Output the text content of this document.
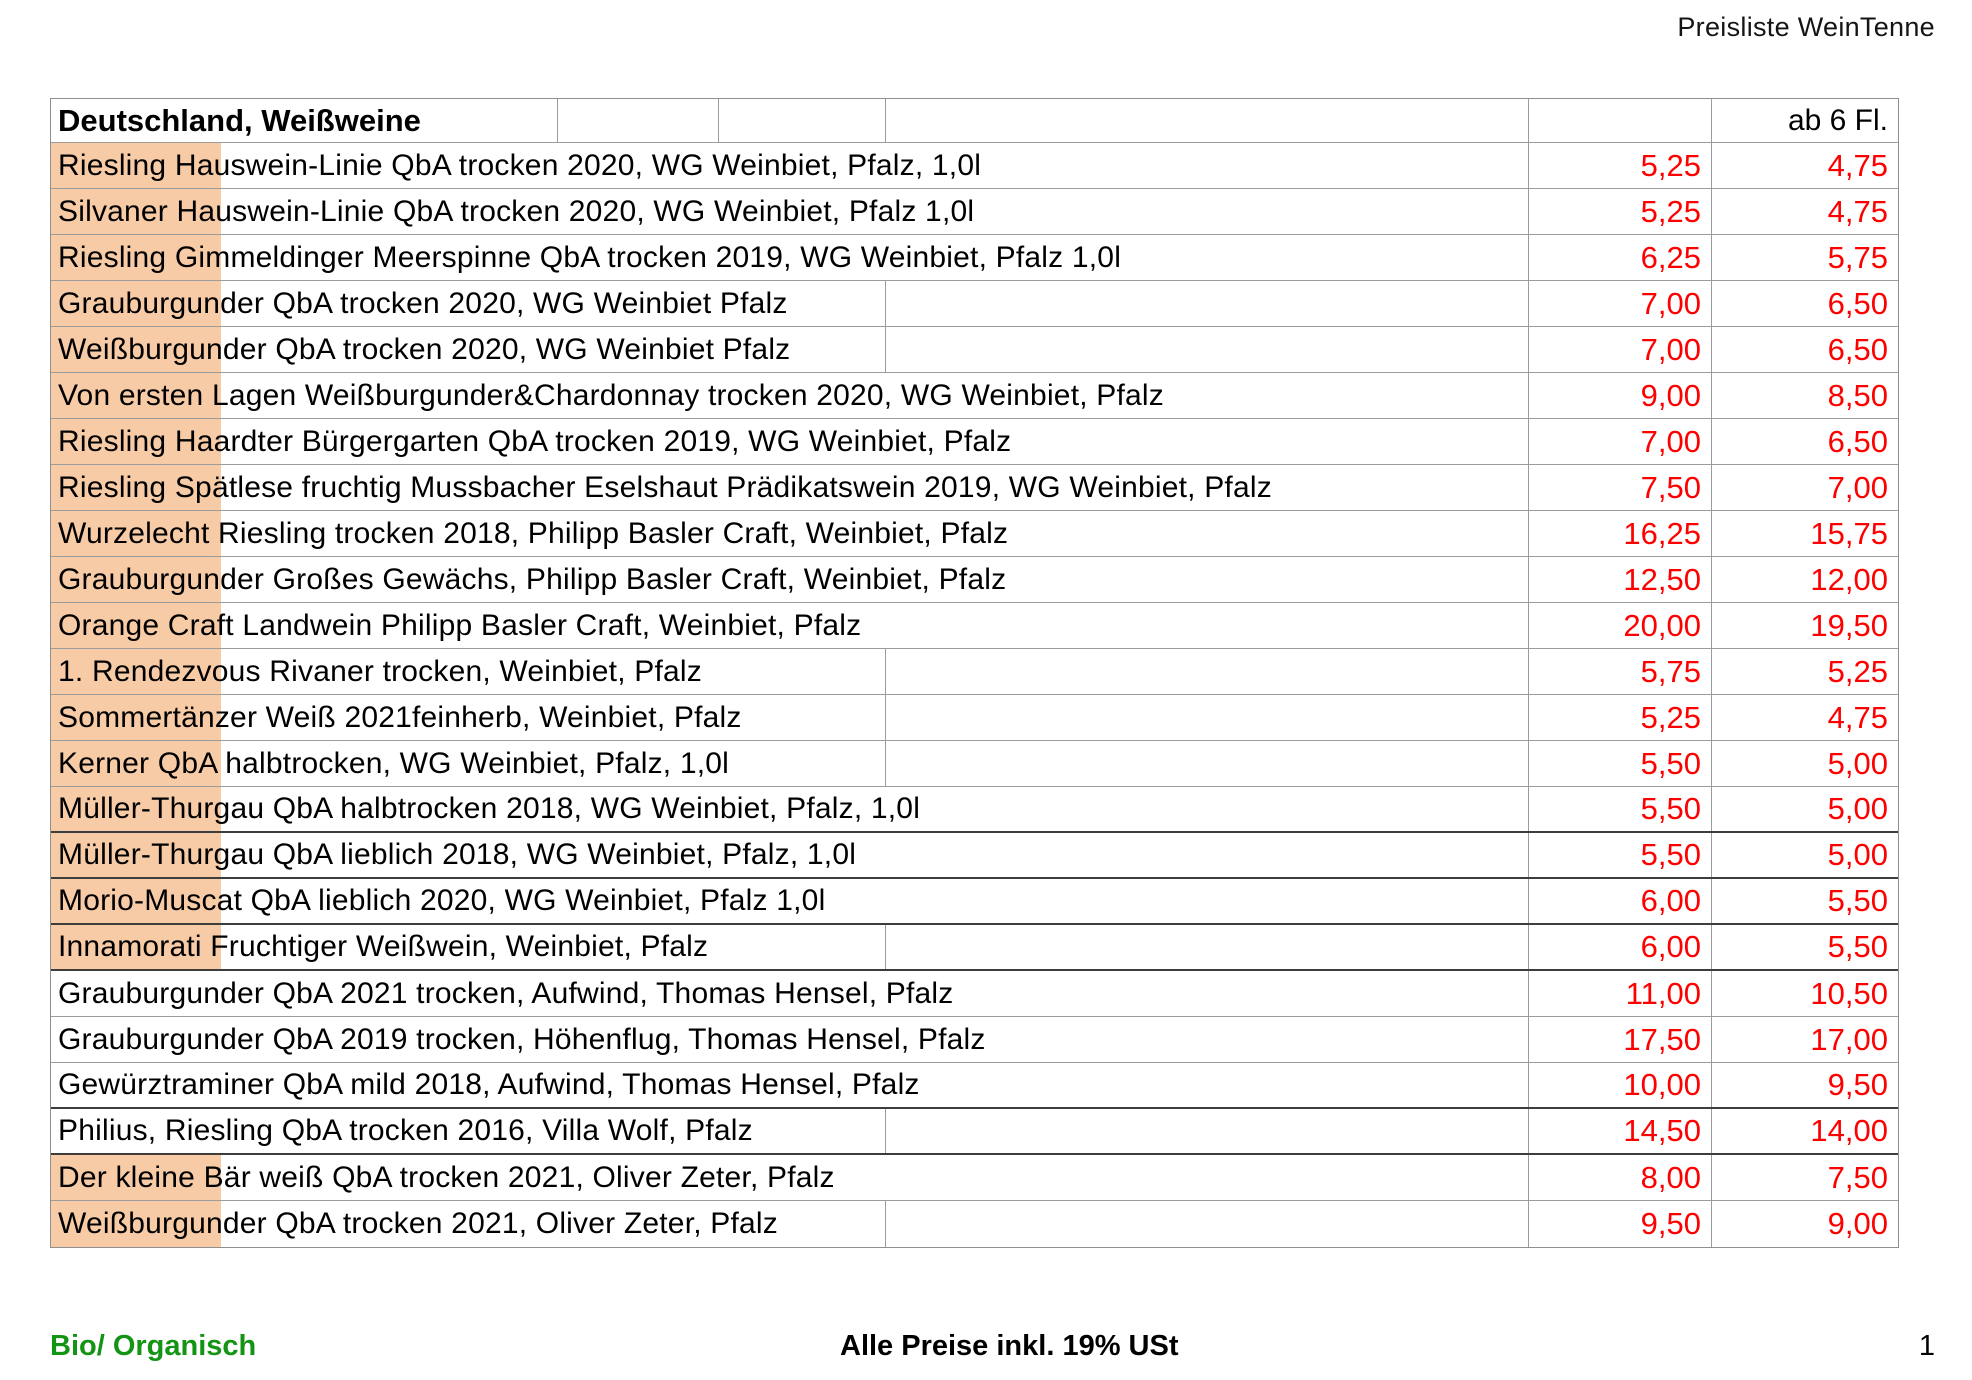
Preisliste WeinTenne
Deutschland, Weißweine	ab 6 Fl.
Riesling Hauswein-Linie QbA trocken 2020, WG Weinbiet, Pfalz, 1,0l	5,25	4,75
Silvaner Hauswein-Linie QbA trocken 2020, WG Weinbiet, Pfalz 1,0l	5,25	4,75
Riesling Gimmeldinger Meerspinne QbA trocken 2019, WG Weinbiet, Pfalz 1,0l	6,25	5,75
Grauburgunder QbA trocken 2020, WG Weinbiet Pfalz	7,00	6,50
Weißburgunder QbA trocken 2020, WG Weinbiet Pfalz	7,00	6,50
Von ersten Lagen Weißburgunder&Chardonnay trocken 2020, WG Weinbiet, Pfalz	9,00	8,50
Riesling Haardter Bürgergarten QbA trocken 2019, WG Weinbiet, Pfalz	7,00	6,50
Riesling Spätlese fruchtig Mussbacher Eselshaut Prädikatswein 2019, WG Weinbiet, Pfalz	7,50	7,00
Wurzelecht Riesling trocken 2018, Philipp Basler Craft, Weinbiet, Pfalz	16,25	15,75
Grauburgunder Großes Gewächs, Philipp Basler Craft, Weinbiet, Pfalz	12,50	12,00
Orange Craft Landwein Philipp Basler Craft, Weinbiet, Pfalz	20,00	19,50
1. Rendezvous Rivaner trocken, Weinbiet, Pfalz	5,75	5,25
Sommertänzer Weiß 2021feinherb, Weinbiet, Pfalz	5,25	4,75
Kerner QbA halbtrocken, WG Weinbiet, Pfalz, 1,0l	5,50	5,00
Müller-Thurgau QbA halbtrocken 2018, WG Weinbiet, Pfalz, 1,0l	5,50	5,00
Müller-Thurgau QbA lieblich 2018, WG Weinbiet, Pfalz, 1,0l	5,50	5,00
Morio-Muscat QbA lieblich 2020, WG Weinbiet, Pfalz 1,0l	6,00	5,50
Innamorati Fruchtiger Weißwein, Weinbiet, Pfalz	6,00	5,50
Grauburgunder QbA 2021 trocken, Aufwind, Thomas Hensel, Pfalz	11,00	10,50
Grauburgunder QbA 2019 trocken, Höhenflug, Thomas Hensel, Pfalz	17,50	17,00
Gewürztraminer QbA mild 2018, Aufwind, Thomas Hensel, Pfalz	10,00	9,50
Philius, Riesling QbA trocken 2016, Villa Wolf, Pfalz	14,50	14,00
Der kleine Bär weiß QbA trocken 2021, Oliver Zeter, Pfalz	8,00	7,50
Weißburgunder QbA trocken 2021, Oliver Zeter, Pfalz	9,50	9,00
Bio/ Organisch	Alle Preise inkl. 19% USt	1
